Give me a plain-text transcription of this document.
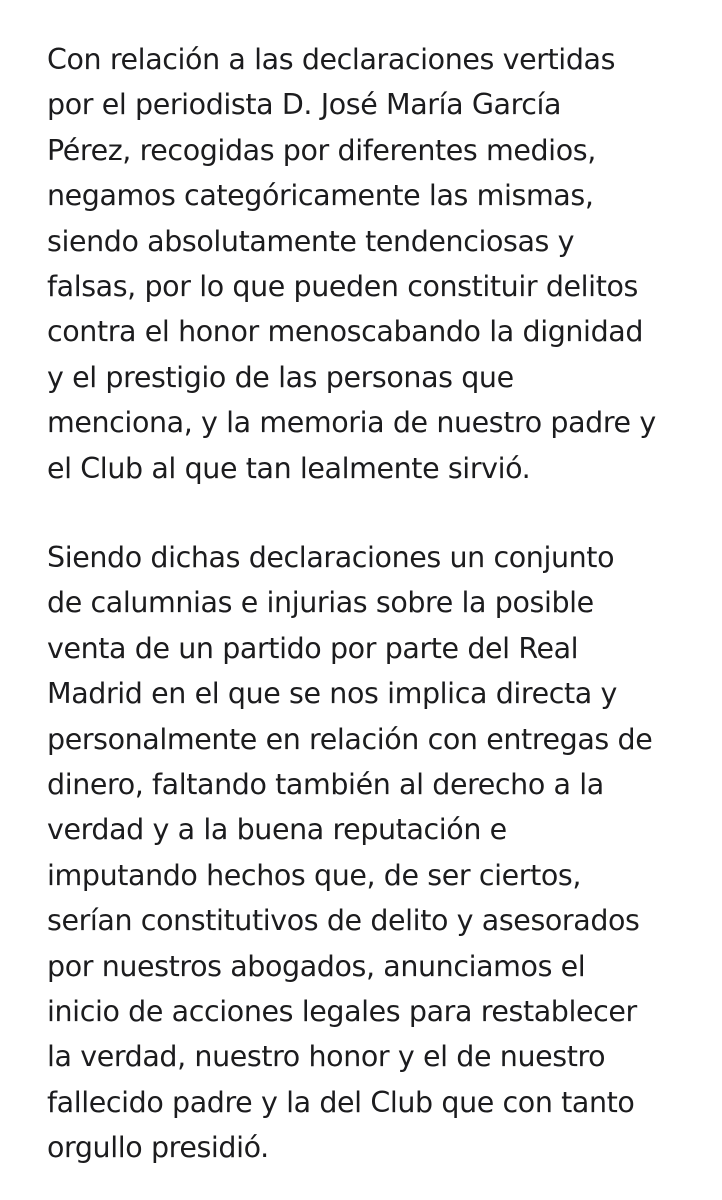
Con relación a las declaraciones vertidas
por el periodista D. José María García
Pérez, recogidas por diferentes medios,
negamos categóricamente las mismas,
siendo absolutamente tendenciosas y
falsas, por lo que pueden constituir delitos
contra el honor menoscabando la dignidad
y el prestigio de las personas que
menciona, y la memoria de nuestro padre y
el Club al que tan lealmente sirvió.
Siendo dichas declaraciones un conjunto
de calumnias e injurias sobre la posible
venta de un partido por parte del Real
Madrid en el que se nos implica directa y
personalmente en relación con entregas de
dinero, faltando también al derecho a la
verdad y a la buena reputación e
imputando hechos que, de ser ciertos,
serían constitutivos de delito y asesorados
por nuestros abogados, anunciamos el
inicio de acciones legales para restablecer
la verdad, nuestro honor y el de nuestro
fallecido padre y la del Club que con tanto
orgullo presidió.
